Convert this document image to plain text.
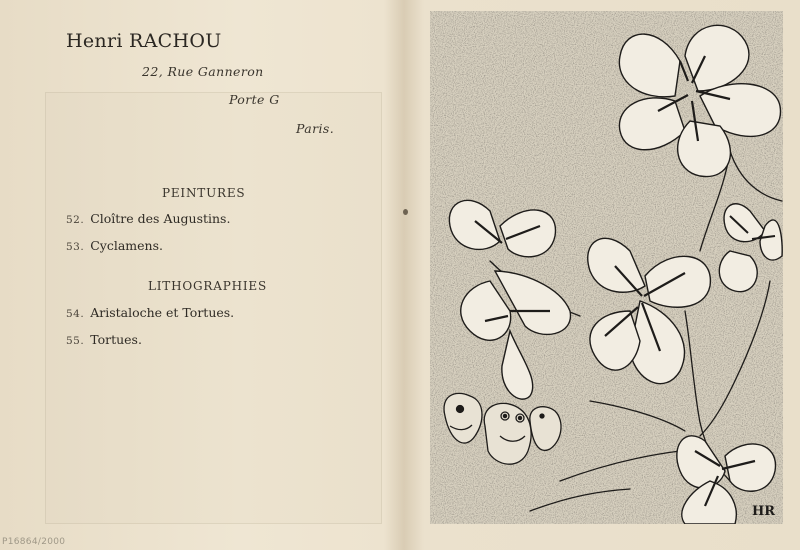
Henri RACHOU
22, Rue Ganneron
Porte G
Paris.
PEINTURES
52. Cloître des Augustins.
53. Cyclamens.
LITHOGRAPHIES
54. Aristaloche et Tortues.
55. Tortues.
P16864/2000
HR
